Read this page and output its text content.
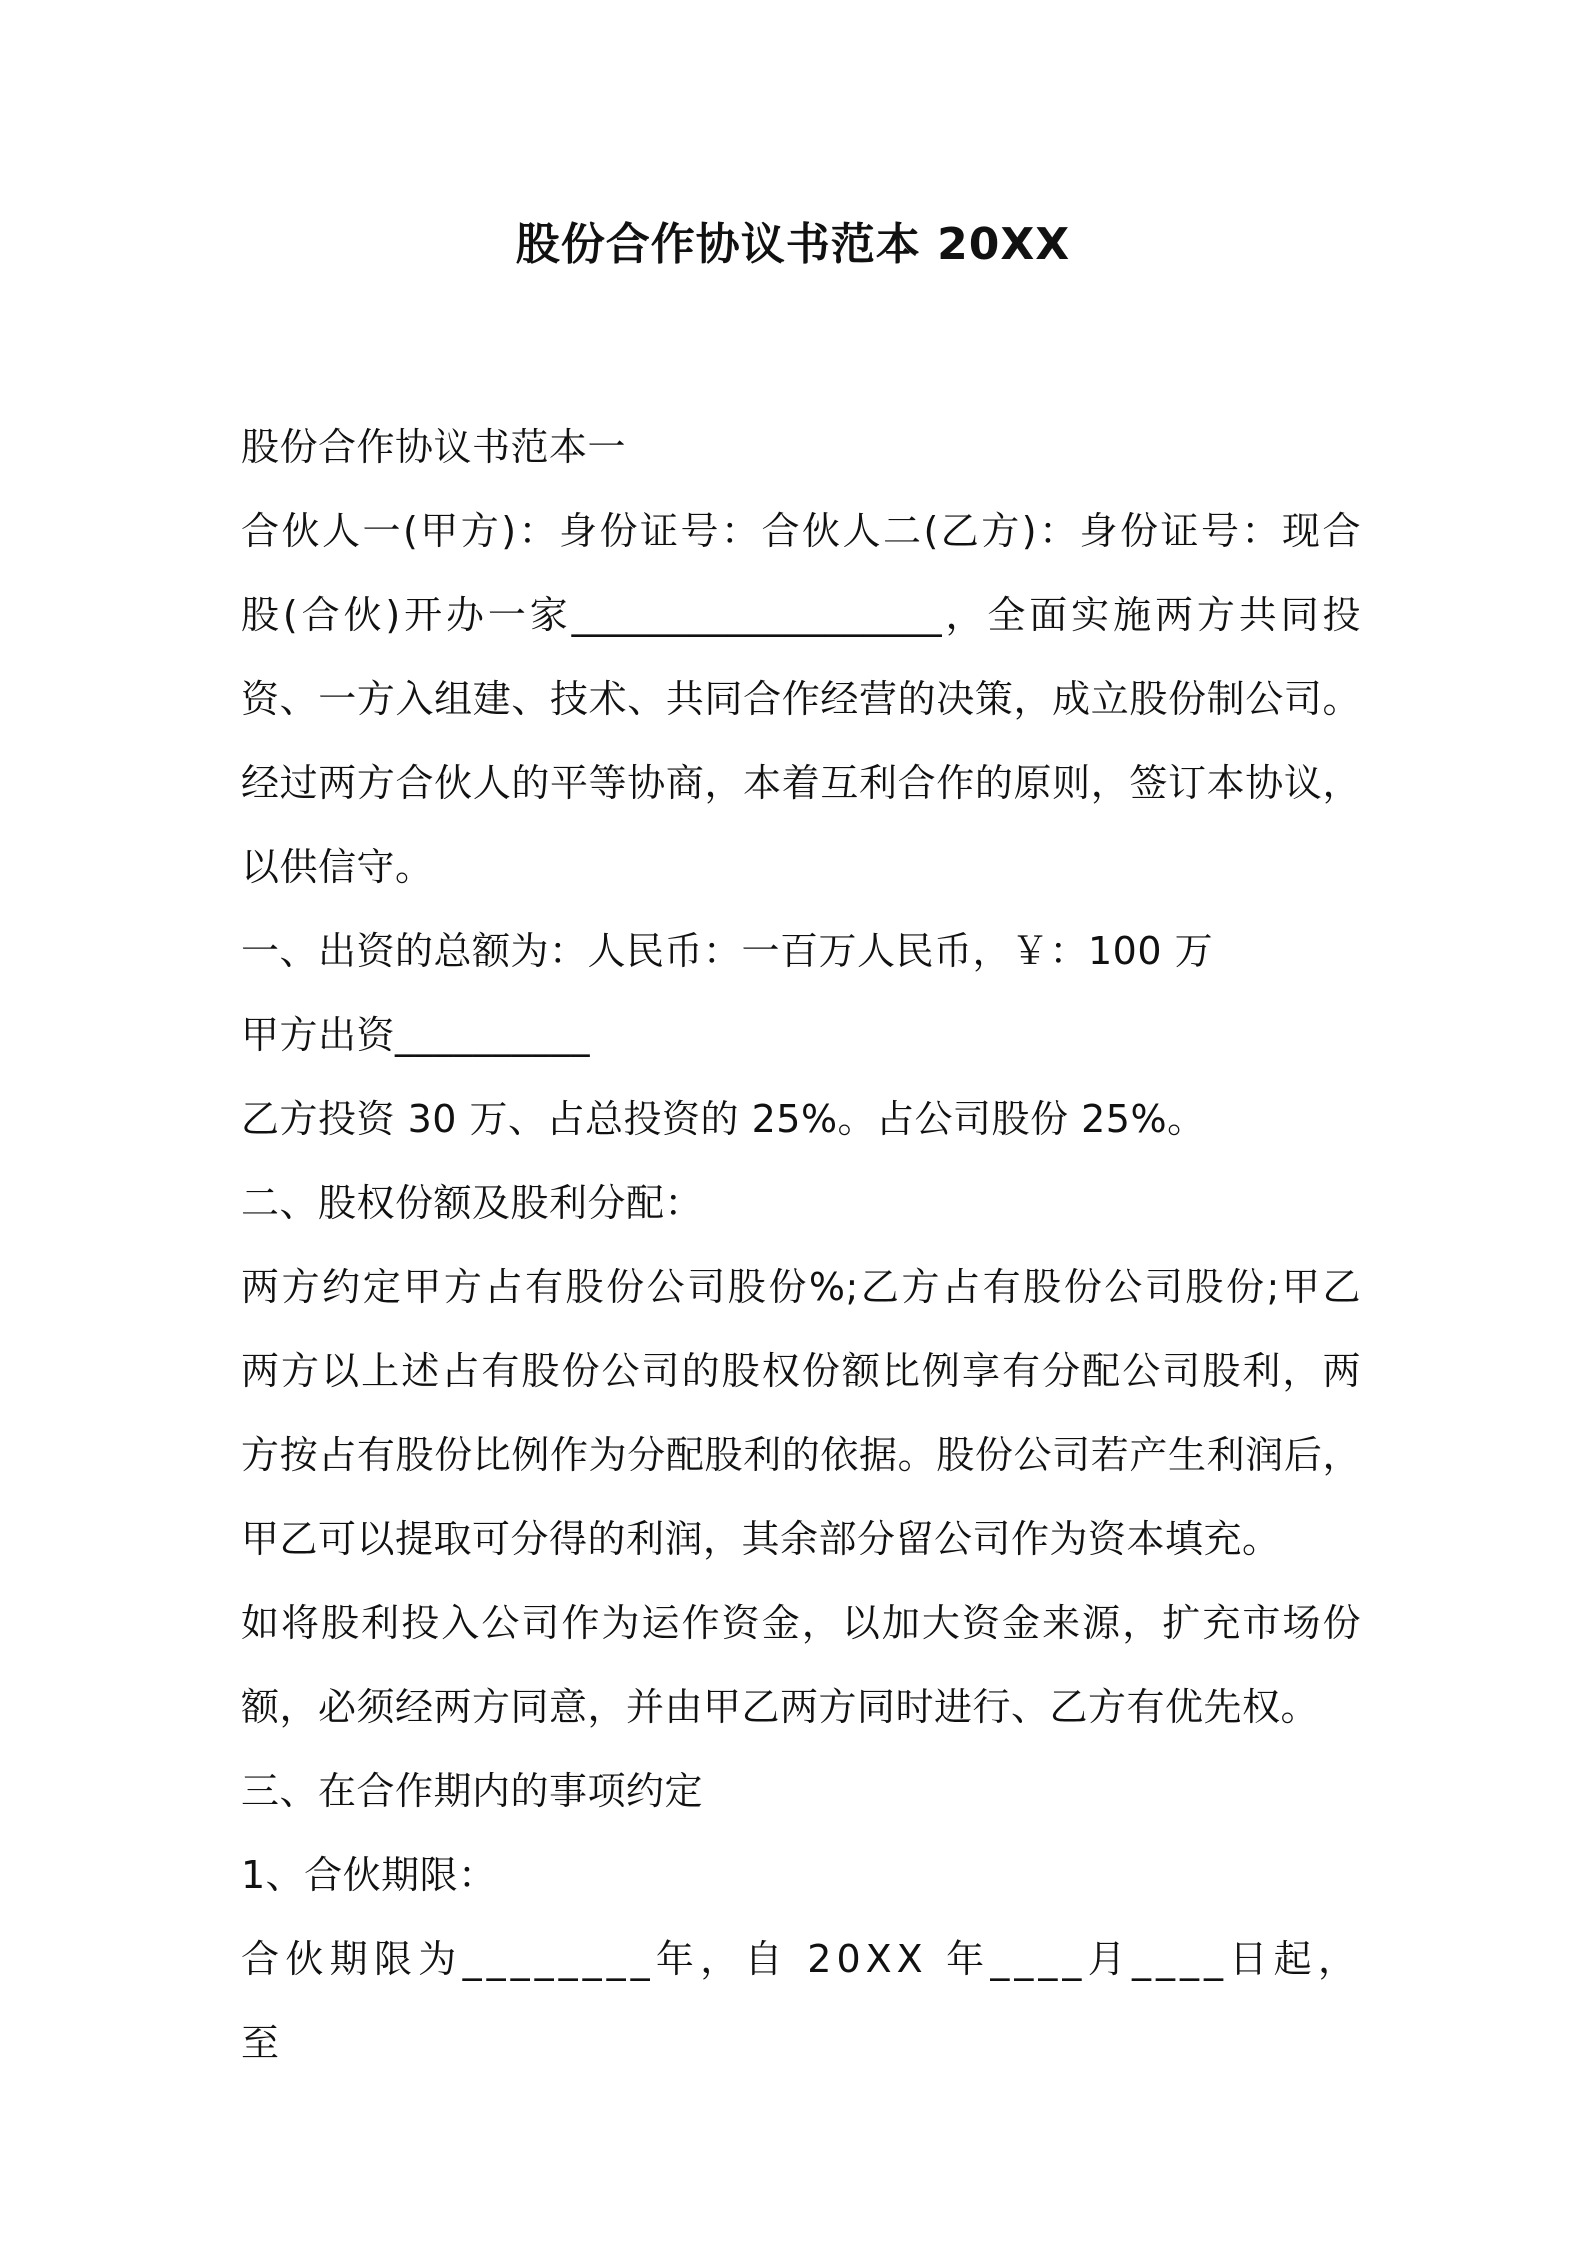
股份合作协议书范本 20XX
股份合作协议书范本一
合伙人一(甲方)：身份证号：合伙人二(乙方)：身份证号：现合
股(合伙)开办一家___________________，全面实施两方共同投
资、一方入组建、技术、共同合作经营的决策，成立股份制公司。
经过两方合伙人的平等协商，本着互利合作的原则，签订本协议，
以供信守。
一、出资的总额为：人民币：一百万人民币，￥：100 万
甲方出资__________
乙方投资 30 万、占总投资的 25%。占公司股份 25%。
二、股权份额及股利分配：
两方约定甲方占有股份公司股份%;乙方占有股份公司股份;甲乙
两方以上述占有股份公司的股权份额比例享有分配公司股利，两
方按占有股份比例作为分配股利的依据。股份公司若产生利润后，
甲乙可以提取可分得的利润，其余部分留公司作为资本填充。
如将股利投入公司作为运作资金，以加大资金来源，扩充市场份
额，必须经两方同意，并由甲乙两方同时进行、乙方有优先权。
三、在合作期内的事项约定
1、合伙期限：
合伙期限为________年，自 20XX 年____月____日起，至
